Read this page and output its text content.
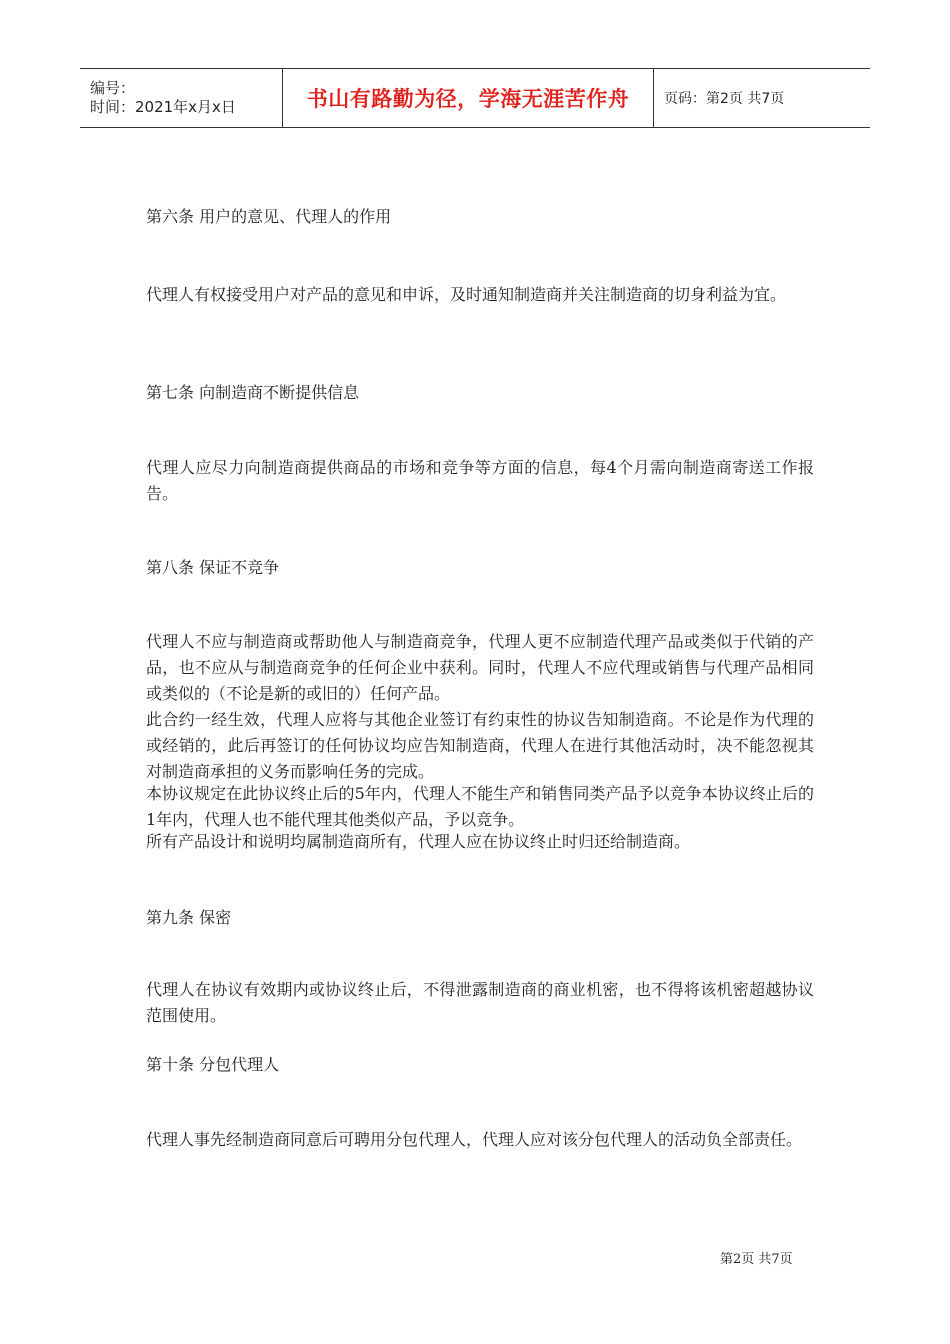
编号：
时间：2021年x月x日	书山有路勤为径，学海无涯苦作舟 页码：第2页 共7页
第六条 用户的意见、代理人的作用
代理人有权接受用户对产品的意见和申诉，及时通知制造商并关注制造商的切身利益为宜。
第七条 向制造商不断提供信息
代理人应尽力向制造商提供商品的市场和竞争等方面的信息，每4个月需向制造商寄送工作报告。
第八条 保证不竞争
代理人不应与制造商或帮助他人与制造商竞争，代理人更不应制造代理产品或类似于代销的产品，也不应从与制造商竞争的任何企业中获利。同时，代理人不应代理或销售与代理产品相同或类似的（不论是新的或旧的）任何产品。
此合约一经生效，代理人应将与其他企业签订有约束性的协议告知制造商。不论是作为代理的或经销的，此后再签订的任何协议均应告知制造商，代理人在进行其他活动时，决不能忽视其对制造商承担的义务而影响任务的完成。
本协议规定在此协议终止后的5年内，代理人不能生产和销售同类产品予以竞争本协议终止后的1年内，代理人也不能代理其他类似产品，予以竞争。
所有产品设计和说明均属制造商所有，代理人应在协议终止时归还给制造商。
第九条 保密
代理人在协议有效期内或协议终止后，不得泄露制造商的商业机密，也不得将该机密超越协议范围使用。
第十条 分包代理人
代理人事先经制造商同意后可聘用分包代理人，代理人应对该分包代理人的活动负全部责任。
第2页 共7页
